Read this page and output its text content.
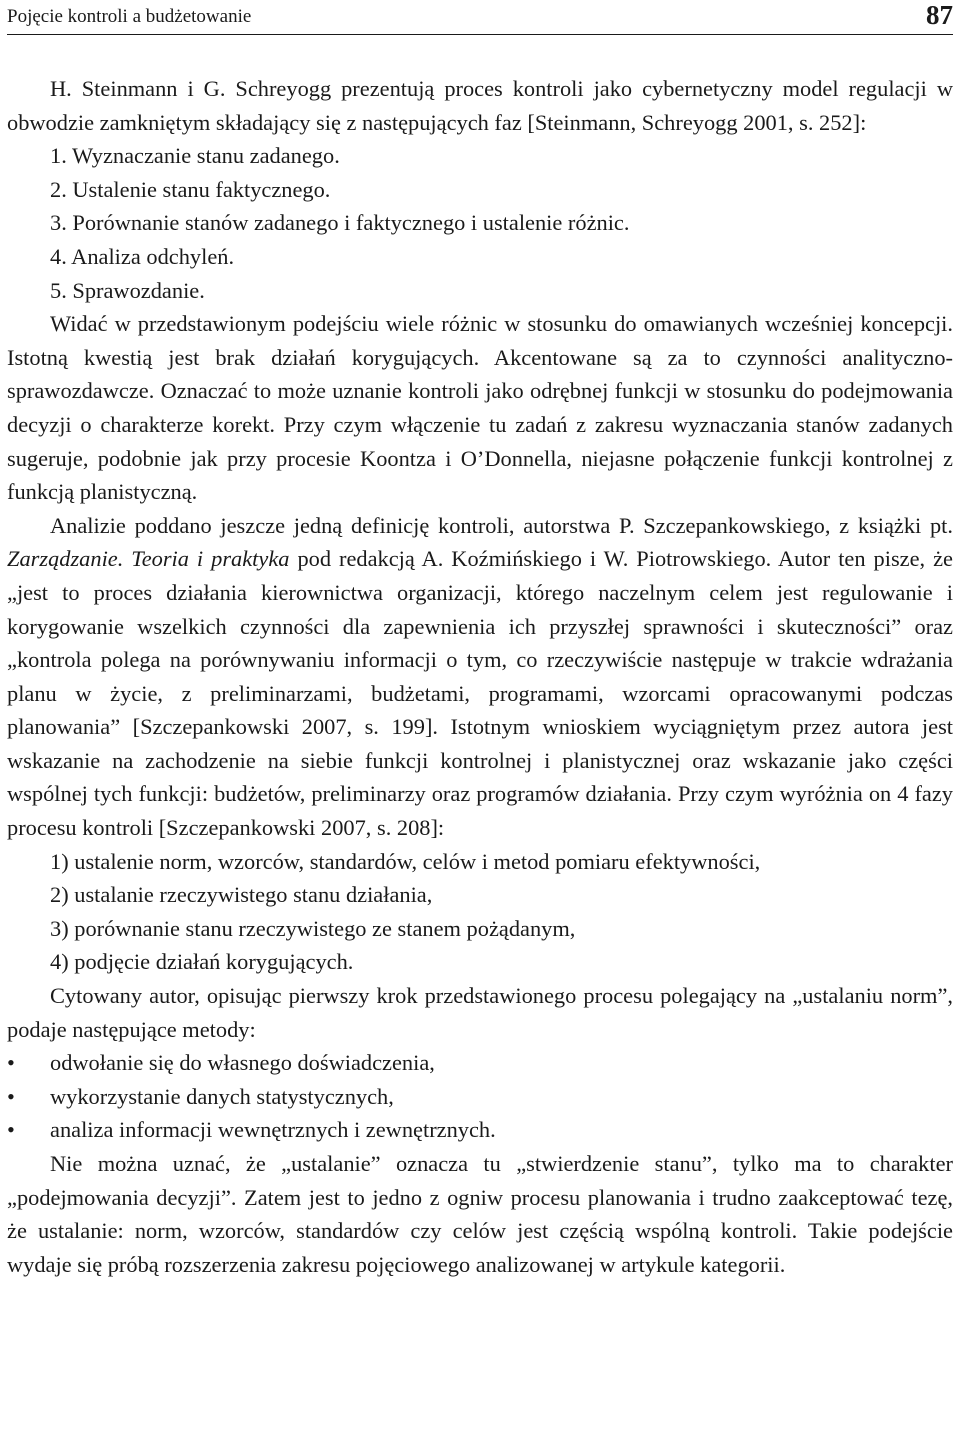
Pojęcie kontroli a budżetowanie	87

H. Steinmann i G. Schreyogg prezentują proces kontroli jako cybernetyczny model regulacji w obwodzie zamkniętym składający się z następujących faz [Steinmann, Schreyogg 2001, s. 252]:

1. Wyznaczanie stanu zadanego.

2. Ustalenie stanu faktycznego.

3. Porównanie stanów zadanego i faktycznego i ustalenie różnic.

4. Analiza odchyleń.

5. Sprawozdanie.

Widać w przedstawionym podejściu wiele różnic w stosunku do omawianych wcześniej koncepcji. Istotną kwestią jest brak działań korygujących. Akcentowane są za to czynności analityczno-sprawozdawcze. Oznaczać to może uznanie kontroli jako odrębnej funkcji w stosunku do podejmowania decyzji o charakterze korekt. Przy czym włączenie tu zadań z zakresu wyznaczania stanów zadanych sugeruje, podobnie jak przy procesie Koontza i O’Donnella, niejasne połączenie funkcji kontrolnej z funkcją planistyczną.

Analizie poddano jeszcze jedną definicję kontroli, autorstwa P. Szczepankowskiego, z książki pt. Zarządzanie. Teoria i praktyka pod redakcją A. Koźmińskiego i W. Piotrowskiego. Autor ten pisze, że „jest to proces działania kierownictwa organizacji, którego naczelnym celem jest regulowanie i korygowanie wszelkich czynności dla zapewnienia ich przyszłej sprawności i skuteczności” oraz „kontrola polega na porównywaniu informacji o tym, co rzeczywiście następuje w trakcie wdrażania planu w życie, z preliminarzami, budżetami, programami, wzorcami opracowanymi podczas planowania” [Szczepankowski 2007, s. 199]. Istotnym wnioskiem wyciągniętym przez autora jest wskazanie na zachodzenie na siebie funkcji kontrolnej i planistycznej oraz wskazanie jako części wspólnej tych funkcji: budżetów, preliminarzy oraz programów działania. Przy czym wyróżnia on 4 fazy procesu kontroli [Szczepankowski 2007, s. 208]:

1) ustalenie norm, wzorców, standardów, celów i metod pomiaru efektywności,

2) ustalanie rzeczywistego stanu działania,

3) porównanie stanu rzeczywistego ze stanem pożądanym,

4) podjęcie działań korygujących.

Cytowany autor, opisując pierwszy krok przedstawionego procesu polegający na „ustalaniu norm”, podaje następujące metody:

• odwołanie się do własnego doświadczenia,

• wykorzystanie danych statystycznych,

• analiza informacji wewnętrznych i zewnętrznych.

Nie można uznać, że „ustalanie” oznacza tu „stwierdzenie stanu”, tylko ma to charakter „podejmowania decyzji”. Zatem jest to jedno z ogniw procesu planowania i trudno zaakceptować tezę, że ustalanie: norm, wzorców, standardów czy celów jest częścią wspólną kontroli. Takie podejście wydaje się próbą rozszerzenia zakresu pojęciowego analizowanej w artykule kategorii.
